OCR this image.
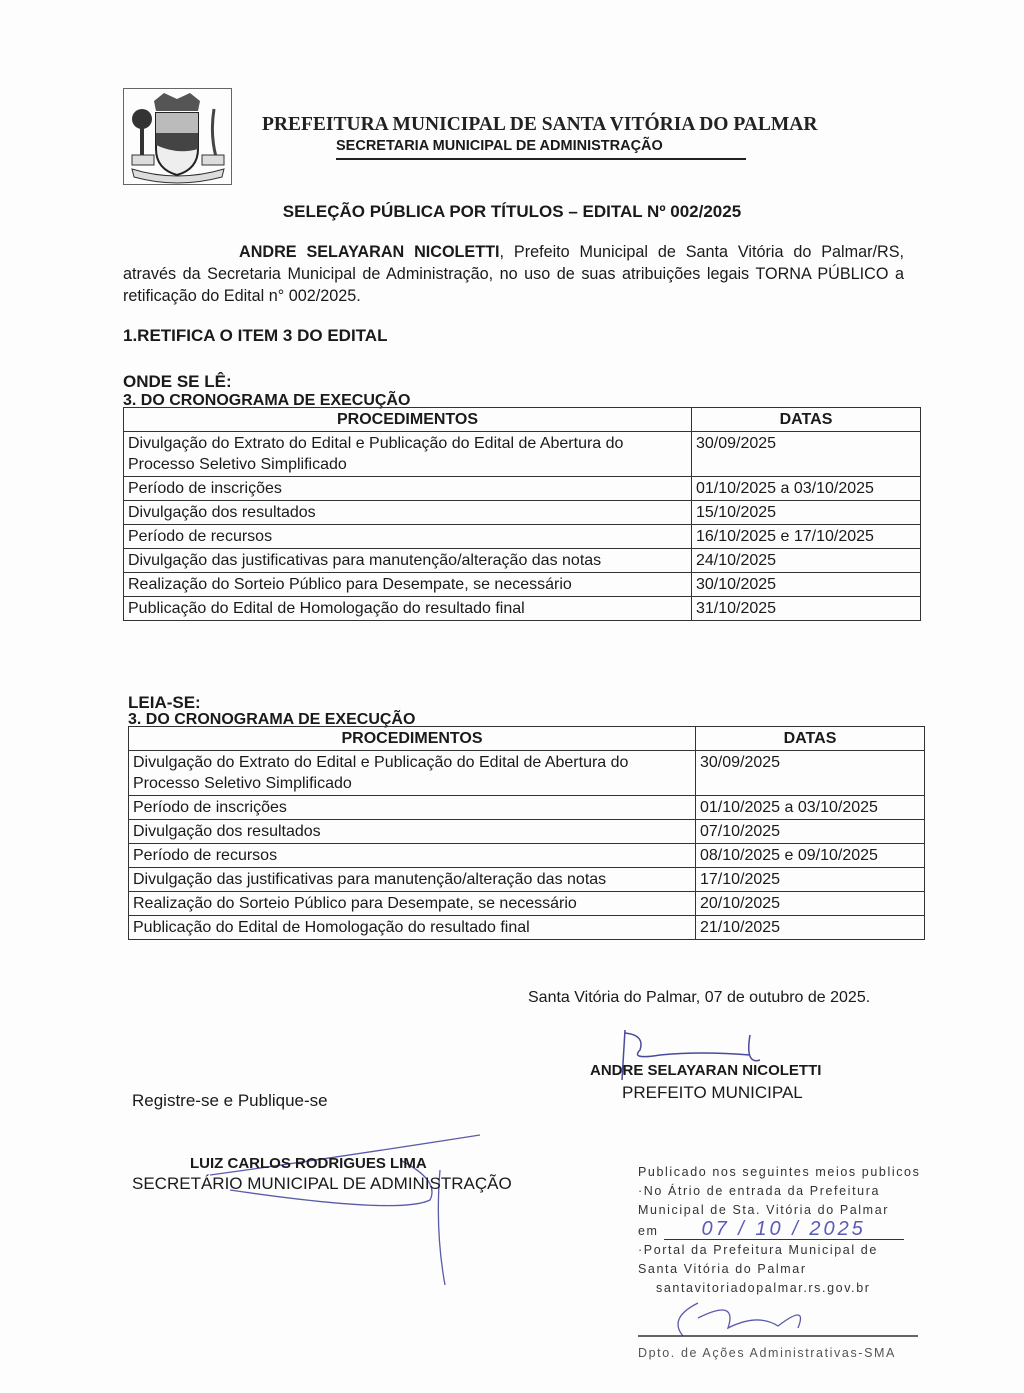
PREFEITURA MUNICIPAL DE SANTA VITÓRIA DO PALMAR
SECRETARIA MUNICIPAL DE ADMINISTRAÇÃO
SELEÇÃO PÚBLICA POR TÍTULOS – EDITAL Nº 002/2025

ANDRE SELAYARAN NICOLETTI, Prefeito Municipal de Santa Vitória do Palmar/RS, através da Secretaria Municipal de Administração, no uso de suas atribuições legais TORNA PÚBLICO a retificação do Edital n° 002/2025.

1.RETIFICA O ITEM 3 DO EDITAL
ONDE SE LÊ:
3. DO CRONOGRAMA DE EXECUÇÃO
PROCEDIMENTOS	DATAS
Divulgação do Extrato do Edital e Publicação do Edital de Abertura do Processo Seletivo Simplificado	30/09/2025
Período de inscrições	01/10/2025 a 03/10/2025
Divulgação dos resultados	15/10/2025
Período de recursos	16/10/2025 e 17/10/2025
Divulgação das justificativas para manutenção/alteração das notas	24/10/2025
Realização do Sorteio Público para Desempate, se necessário	30/10/2025
Publicação do Edital de Homologação do resultado final	31/10/2025
LEIA-SE:
3. DO CRONOGRAMA DE EXECUÇÃO
PROCEDIMENTOS	DATAS
Divulgação do Extrato do Edital e Publicação do Edital de Abertura do Processo Seletivo Simplificado	30/09/2025
Período de inscrições	01/10/2025 a 03/10/2025
Divulgação dos resultados	07/10/2025
Período de recursos	08/10/2025 e 09/10/2025
Divulgação das justificativas para manutenção/alteração das notas	17/10/2025
Realização do Sorteio Público para Desempate, se necessário	20/10/2025
Publicação do Edital de Homologação do resultado final	21/10/2025
Santa Vitória do Palmar, 07 de outubro de 2025.
ANDRE SELAYARAN NICOLETTI
PREFEITO MUNICIPAL
Registre-se e Publique-se
LUIZ CARLOS RODRIGUES LIMA
SECRETÁRIO MUNICIPAL DE ADMINISTRAÇÃO
Publicado nos seguintes meios publicos
·No Átrio de entrada da Prefeitura
Municipal de Sta. Vitória do Palmar
em 07 / 10 / 2025
·Portal da Prefeitura Municipal de
Santa Vitória do Palmar
santavitoriadopalmar.rs.gov.br
Dpto. de Ações Administrativas-SMA
